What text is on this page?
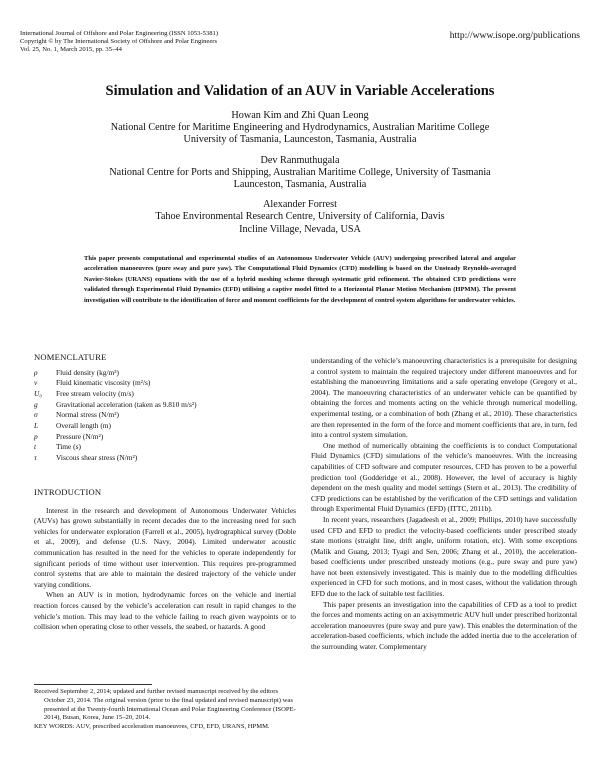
International Journal of Offshore and Polar Engineering (ISSN 1053-5381)
Copyright © by The International Society of Offshore and Polar Engineers
Vol. 25, No. 1, March 2015, pp. 35–44
http://www.isope.org/publications
Simulation and Validation of an AUV in Variable Accelerations
Howan Kim and Zhi Quan Leong
National Centre for Maritime Engineering and Hydrodynamics, Australian Maritime College
University of Tasmania, Launceston, Tasmania, Australia
Dev Ranmuthugala
National Centre for Ports and Shipping, Australian Maritime College, University of Tasmania
Launceston, Tasmania, Australia
Alexander Forrest
Tahoe Environmental Research Centre, University of California, Davis
Incline Village, Nevada, USA
This paper presents computational and experimental studies of an Autonomous Underwater Vehicle (AUV) undergoing prescribed lateral and angular acceleration manoeuvres (pure sway and pure yaw). The Computational Fluid Dynamics (CFD) modelling is based on the Unsteady Reynolds-averaged Navier-Stokes (URANS) equations with the use of a hybrid meshing scheme through systematic grid refinement. The obtained CFD predictions were validated through Experimental Fluid Dynamics (EFD) utilising a captive model fitted to a Horizontal Planar Motion Mechanism (HPMM). The present investigation will contribute to the identification of force and moment coefficients for the development of control system algorithms for underwater vehicles.
NOMENCLATURE
ρ	Fluid density (kg/m³)
ν	Fluid kinematic viscosity (m²/s)
U₀	Free stream velocity (m/s)
g	Gravitational acceleration (taken as 9.810 m/s²)
σ	Normal stress (N/m²)
L	Overall length (m)
p	Pressure (N/m²)
t	Time (s)
τ	Viscous shear stress (N/m²)
INTRODUCTION

Interest in the research and development of Autonomous Underwater Vehicles (AUVs) has grown substantially in recent decades due to the increasing need for such vehicles for underwater exploration (Farrell et al., 2005), hydrographical survey (Doble et al., 2009), and defense (U.S. Navy, 2004). Limited underwater acoustic communication has resulted in the need for the vehicles to operate independently for significant periods of time without user intervention. This requires pre-programmed control systems that are able to maintain the desired trajectory of the vehicle under varying conditions.

When an AUV is in motion, hydrodynamic forces on the vehicle and inertial reaction forces caused by the vehicle’s acceleration can result in rapid changes to the vehicle’s motion. This may lead to the vehicle failing to reach given waypoints or to collision when operating close to other vessels, the seabed, or hazards. A good

Received September 2, 2014; updated and further revised manuscript received by the editors October 23, 2014. The original version (prior to the final updated and revised manuscript) was presented at the Twenty-fourth International Ocean and Polar Engineering Conference (ISOPE-2014), Busan, Korea, June 15–20, 2014.
KEY WORDS: AUV, prescribed acceleration manoeuvres, CFD, EFD, URANS, HPMM.

understanding of the vehicle’s manoeuvring characteristics is a prerequisite for designing a control system to maintain the required trajectory under different manoeuvres and for establishing the manoeuvring limitations and a safe operating envelope (Gregory et al., 2004). The manoeuvring characteristics of an underwater vehicle can be quantified by obtaining the forces and moments acting on the vehicle through numerical modelling, experimental testing, or a combination of both (Zhang et al., 2010). These characteristics are then represented in the form of the force and moment coefficients that are, in turn, fed into a control system simulation.

One method of numerically obtaining the coefficients is to conduct Computational Fluid Dynamics (CFD) simulations of the vehicle’s manoeuvres. With the increasing capabilities of CFD software and computer resources, CFD has proven to be a powerful prediction tool (Godderidge et al., 2008). However, the level of accuracy is highly dependent on the mesh quality and model settings (Stern et al., 2013). The credibility of CFD predictions can be established by the verification of the CFD settings and validation through Experimental Fluid Dynamics (EFD) (ITTC, 2011b).

In recent years, researchers (Jagadeesh et al., 2009; Phillips, 2010) have successfully used CFD and EFD to predict the velocity-based coefficients under prescribed steady state motions (straight line, drift angle, uniform rotation, etc). With some exceptions (Malik and Guang, 2013; Tyagi and Sen, 2006; Zhang et al., 2010), the acceleration-based coefficients under prescribed unsteady motions (e.g., pure sway and pure yaw) have not been extensively investigated. This is mainly due to the modelling difficulties experienced in CFD for such motions, and in most cases, without the validation through EFD due to the lack of suitable test facilities.

This paper presents an investigation into the capabilities of CFD as a tool to predict the forces and moments acting on an axisymmetric AUV hull under prescribed horizontal acceleration manoeuvres (pure sway and pure yaw). This enables the determination of the acceleration-based coefficients, which include the added inertia due to the acceleration of the surrounding water. Complementary
